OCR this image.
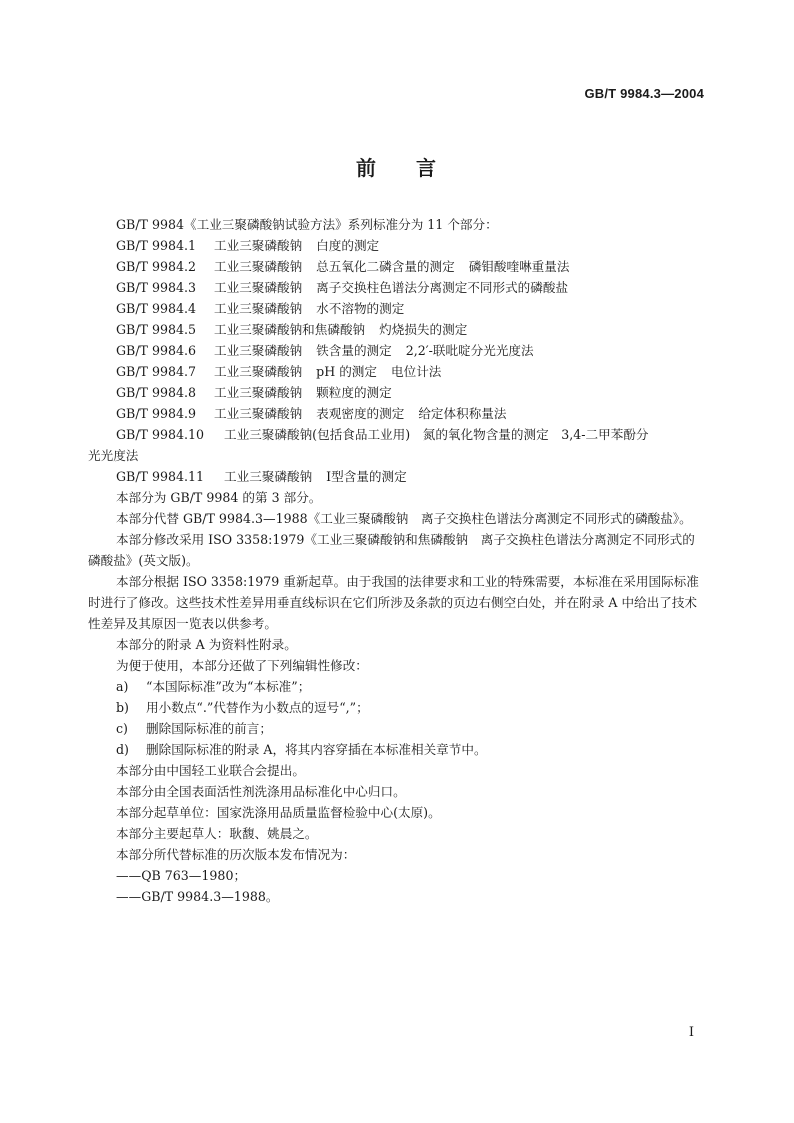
GB/T 9984.3—2004
前 言

GB/T 9984《工业三聚磷酸钠试验方法》系列标准分为 11 个部分：

GB/T 9984.1	工业三聚磷酸钠 白度的测定
GB/T 9984.2	工业三聚磷酸钠 总五氧化二磷含量的测定 磷钼酸喹啉重量法
GB/T 9984.3	工业三聚磷酸钠 离子交换柱色谱法分离测定不同形式的磷酸盐
GB/T 9984.4	工业三聚磷酸钠 水不溶物的测定
GB/T 9984.5	工业三聚磷酸钠和焦磷酸钠 灼烧损失的测定
GB/T 9984.6	工业三聚磷酸钠 铁含量的测定 2,2′-联吡啶分光光度法
GB/T 9984.7	工业三聚磷酸钠 pH 的测定 电位计法
GB/T 9984.8	工业三聚磷酸钠 颗粒度的测定
GB/T 9984.9	工业三聚磷酸钠 表观密度的测定 给定体积称量法
GB/T 9984.10	工业三聚磷酸钠(包括食品工业用)　氮的氧化物含量的测定　3,4-二甲苯酚分

光光度法

GB/T 9984.11	工业三聚磷酸钠 Ⅰ型含量的测定

本部分为 GB/T 9984 的第 3 部分。

本部分代替 GB/T 9984.3—1988《工业三聚磷酸钠　离子交换柱色谱法分离测定不同形式的磷酸盐》。

本部分修改采用 ISO 3358:1979《工业三聚磷酸钠和焦磷酸钠　离子交换柱色谱法分离测定不同形式的磷酸盐》(英文版)。

本部分根据 ISO 3358:1979 重新起草。由于我国的法律要求和工业的特殊需要，本标准在采用国际标准时进行了修改。这些技术性差异用垂直线标识在它们所涉及条款的页边右侧空白处，并在附录 A 中给出了技术性差异及其原因一览表以供参考。

本部分的附录 A 为资料性附录。

为便于使用，本部分还做了下列编辑性修改：

a)	“本国际标准”改为“本标准”；
b)	用小数点“.”代替作为小数点的逗号“,”；
c)	删除国际标准的前言；
d)	删除国际标准的附录 A，将其内容穿插在本标准相关章节中。

本部分由中国轻工业联合会提出。

本部分由全国表面活性剂洗涤用品标准化中心归口。

本部分起草单位：国家洗涤用品质量监督检验中心(太原)。

本部分主要起草人：耿馥、姚晨之。

本部分所代替标准的历次版本发布情况为：

——QB 763—1980；

——GB/T 9984.3—1988。

Ⅰ
